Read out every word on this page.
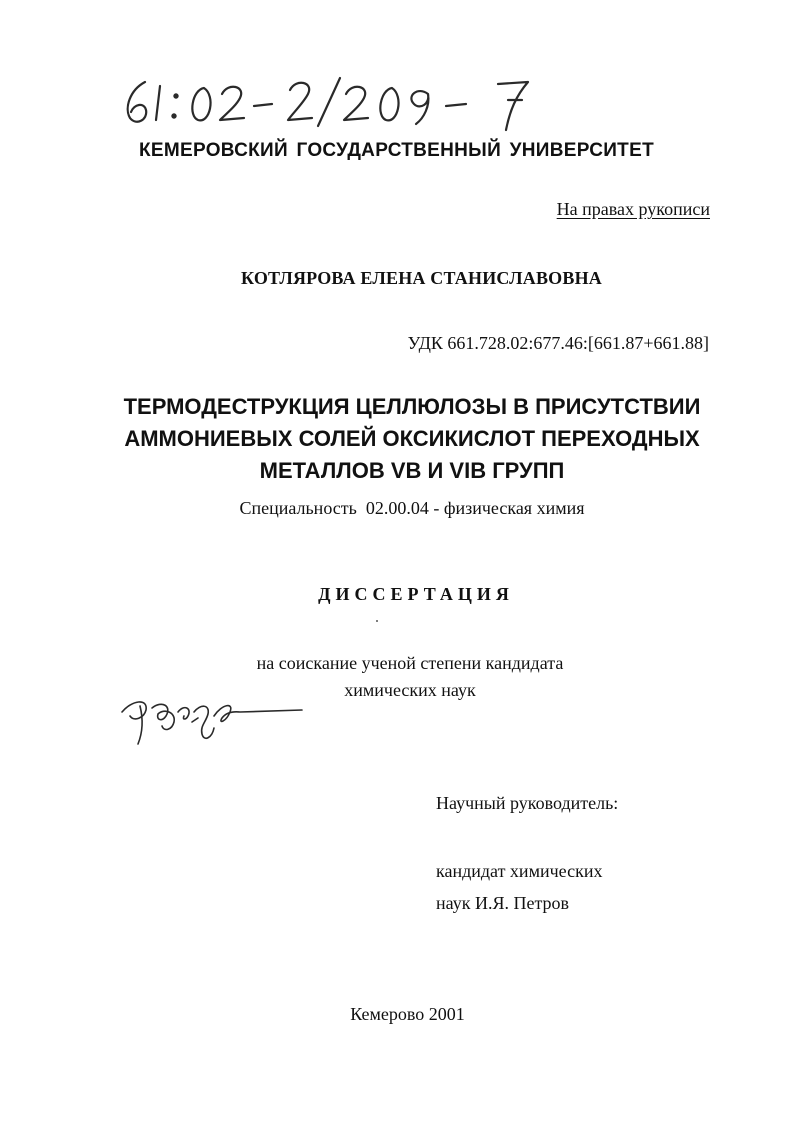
КЕМЕРОВСКИЙ ГОСУДАРСТВЕННЫЙ УНИВЕРСИТЕТ

На правах рукописи

КОТЛЯРОВА ЕЛЕНА СТАНИСЛАВОВНА

УДК 661.728.02:677.46:[661.87+661.88]

ТЕРМОДЕСТРУКЦИЯ ЦЕЛЛЮЛОЗЫ В ПРИСУТСТВИИ
АММОНИЕВЫХ СОЛЕЙ ОКСИКИСЛОТ ПЕРЕХОДНЫХ
МЕТАЛЛОВ VB И VIB ГРУПП

Специальность  02.00.04 - физическая химия

ДИССЕРТАЦИЯ

на соискание ученой степени кандидата
химических наук

Научный руководитель:

кандидат химических
наук И.Я. Петров

Кемерово 2001
